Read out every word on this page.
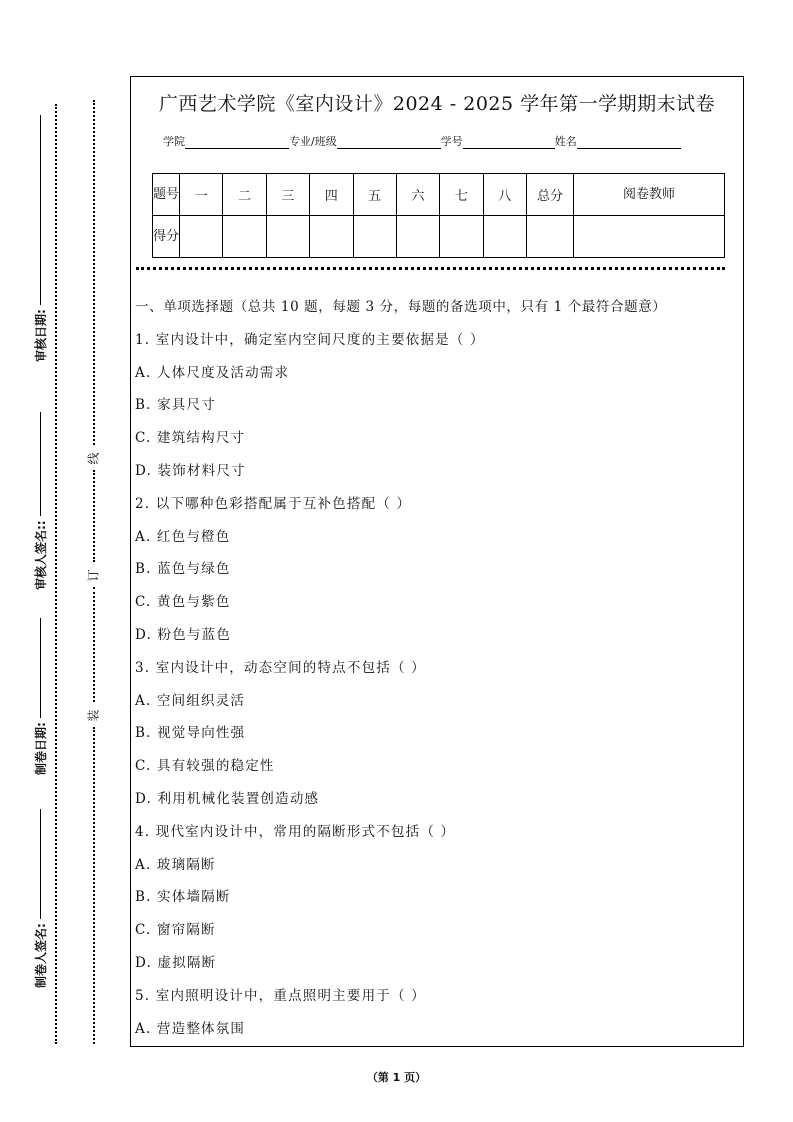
审核日期:
审核人签名::
制卷日期:
制卷人签名:
线
订
装
广西艺术学院《室内设计》2024 - 2025 学年第一学期期末试卷
学院	专业/班级	学号	姓名
题号	一	二	三	四	五	六	七	八	总分	阅卷教师
得分										
一、单项选择题（总共 10 题，每题 3 分，每题的备选项中，只有 1 个最符合题意）
1. 室内设计中，确定室内空间尺度的主要依据是（ ）
A. 人体尺度及活动需求
B. 家具尺寸
C. 建筑结构尺寸
D. 装饰材料尺寸
2. 以下哪种色彩搭配属于互补色搭配（ ）
A. 红色与橙色
B. 蓝色与绿色
C. 黄色与紫色
D. 粉色与蓝色
3. 室内设计中，动态空间的特点不包括（ ）
A. 空间组织灵活
B. 视觉导向性强
C. 具有较强的稳定性
D. 利用机械化装置创造动感
4. 现代室内设计中，常用的隔断形式不包括（ ）
A. 玻璃隔断
B. 实体墙隔断
C. 窗帘隔断
D. 虚拟隔断
5. 室内照明设计中，重点照明主要用于（ ）
A. 营造整体氛围
（第 1 页）
